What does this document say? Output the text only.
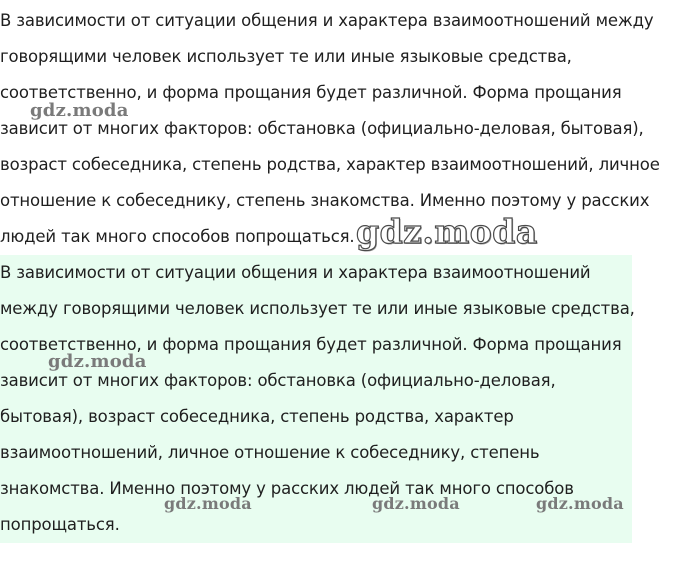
В зависимости от ситуации общения и характера взаимоотношений между
говорящими человек использует те или иные языковые средства,
соответственно, и форма прощания будет различной. Форма прощания
зависит от многих факторов: обстановка (официально-деловая, бытовая),
возраст собеседника, степень родства, характер взаимоотношений, личное
отношение к собеседнику, степень знакомства. Именно поэтому у расских
людей так много способов попрощаться.
В зависимости от ситуации общения и характера взаимоотношений
между говорящими человек использует те или иные языковые средства,
соответственно, и форма прощания будет различной. Форма прощания
зависит от многих факторов: обстановка (официально-деловая,
бытовая), возраст собеседника, степень родства, характер
взаимоотношений, личное отношение к собеседнику, степень
знакомства. Именно поэтому у расских людей так много способов
попрощаться.
gdz.moda
gdz.moda
gdz.moda
gdz.moda	gdz.moda	gdz.moda
